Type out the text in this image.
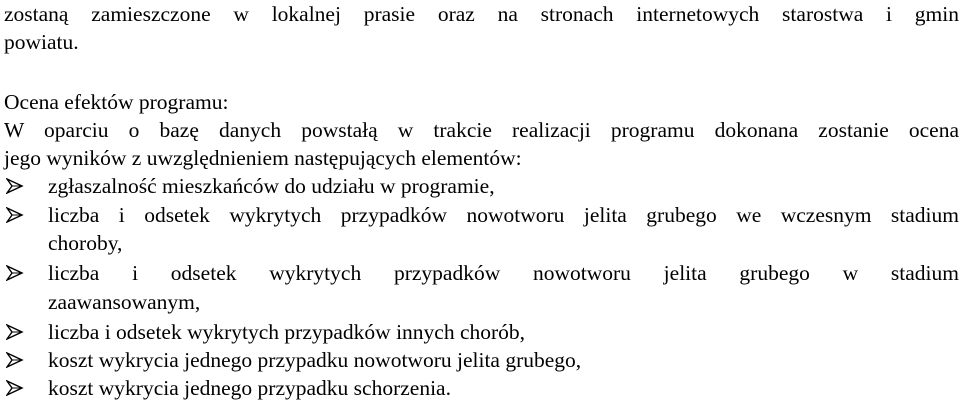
zostaną zamieszczone w lokalnej prasie oraz na stronach internetowych starostwa i gmin
powiatu.
Ocena efektów programu:
W oparciu o bazę danych powstałą w trakcie realizacji programu dokonana zostanie ocena
jego wyników z uwzględnieniem następujących elementów:
zgłaszalność mieszkańców do udziału w programie,
liczba i odsetek wykrytych przypadków nowotworu jelita grubego we wczesnym stadium
choroby,
liczba i odsetek wykrytych przypadków nowotworu jelita grubego w stadium
zaawansowanym,
liczba i odsetek wykrytych przypadków innych chorób,
koszt wykrycia jednego przypadku nowotworu jelita grubego,
koszt wykrycia jednego przypadku schorzenia.
